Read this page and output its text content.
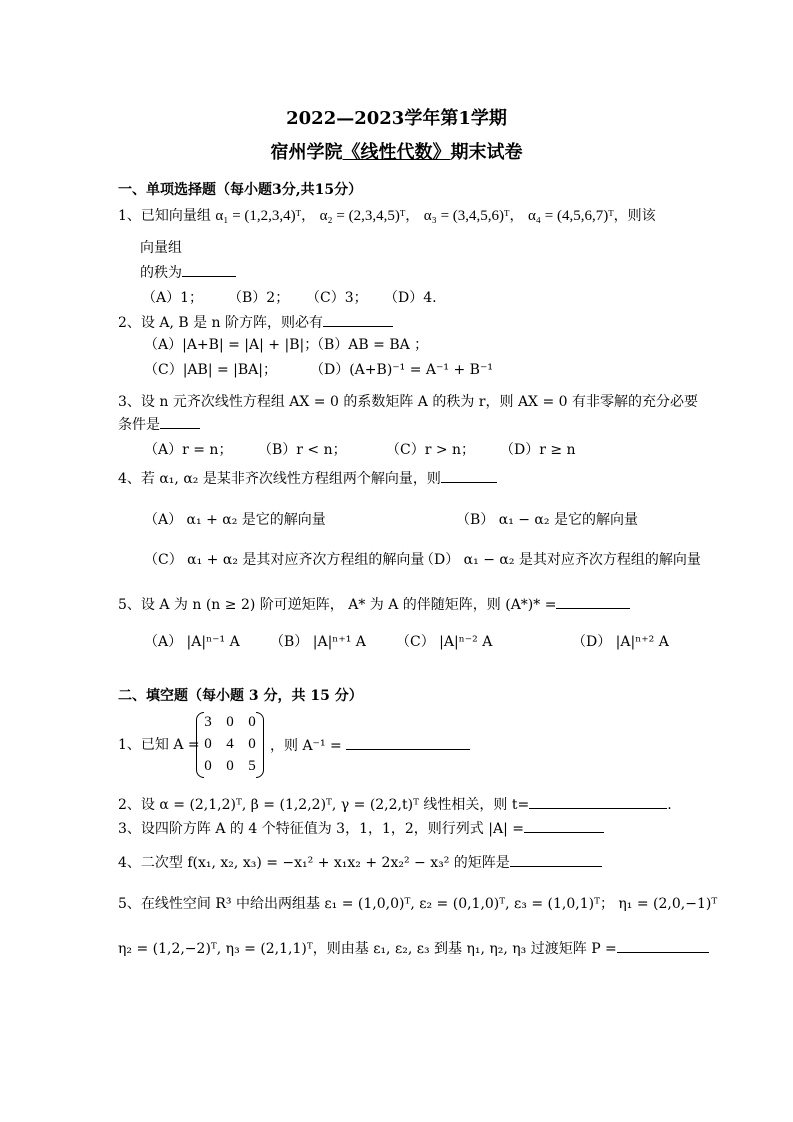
2022—2023学年第1学期
宿州学院《线性代数》期末试卷
一、单项选择题（每小题3分,共15分）
1、已知向量组 α₁ = (1,2,3,4)ᵀ， α₂ = (2,3,4,5)ᵀ， α₃ = (3,4,5,6)ᵀ， α₄ = (4,5,6,7)ᵀ，则该
向量组
的秩为
（A）1； （B）2； （C）3； （D）4.
2、设 A, B 是 n 阶方阵，则必有
（A）|A+B| = |A| + |B|；
（B）AB = BA ；
（C）|AB| = |BA|； （D）(A+B)⁻¹ = A⁻¹ + B⁻¹
3、设 n 元齐次线性方程组 AX = 0 的系数矩阵 A 的秩为 r，则 AX = 0 有非零解的充分必要
条件是
（A）r = n； （B）r < n；	（C）r > n； （D）r ≥ n
4、若 α₁, α₂ 是某非齐次线性方程组两个解向量，则
（A） α₁ + α₂ 是它的解向量	（B） α₁ − α₂ 是它的解向量
（C） α₁ + α₂ 是其对应齐次方程组的解向量
（D） α₁ − α₂ 是其对应齐次方程组的解向量
5、设 A 为 n (n ≥ 2) 阶可逆矩阵， A* 为 A 的伴随矩阵，则 (A*)* =
（A） |A|ⁿ⁻¹ A （B） |A|ⁿ⁺¹ A （C） |A|ⁿ⁻² A	（D） |A|ⁿ⁺² A
二、填空题（每小题 3 分，共 15 分）
1、已知 A =
3 0 0
0 4 0
0 0 5
，则 A⁻¹ =
2、设 α = (2,1,2)ᵀ, β = (1,2,2)ᵀ, γ = (2,2,t)ᵀ 线性相关，则 t=	.
3、设四阶方阵 A 的 4 个特征值为 3，1，1，2，则行列式 |A| =
4、二次型 f(x₁, x₂, x₃) = −x₁² + x₁x₂ + 2x₂² − x₃² 的矩阵是
5、在线性空间 R³ 中给出两组基 ε₁ = (1,0,0)ᵀ, ε₂ = (0,1,0)ᵀ, ε₃ = (1,0,1)ᵀ； η₁ = (2,0,−1)ᵀ
η₂ = (1,2,−2)ᵀ, η₃ = (2,1,1)ᵀ，则由基 ε₁, ε₂, ε₃ 到基 η₁, η₂, η₃ 过渡矩阵 P =
